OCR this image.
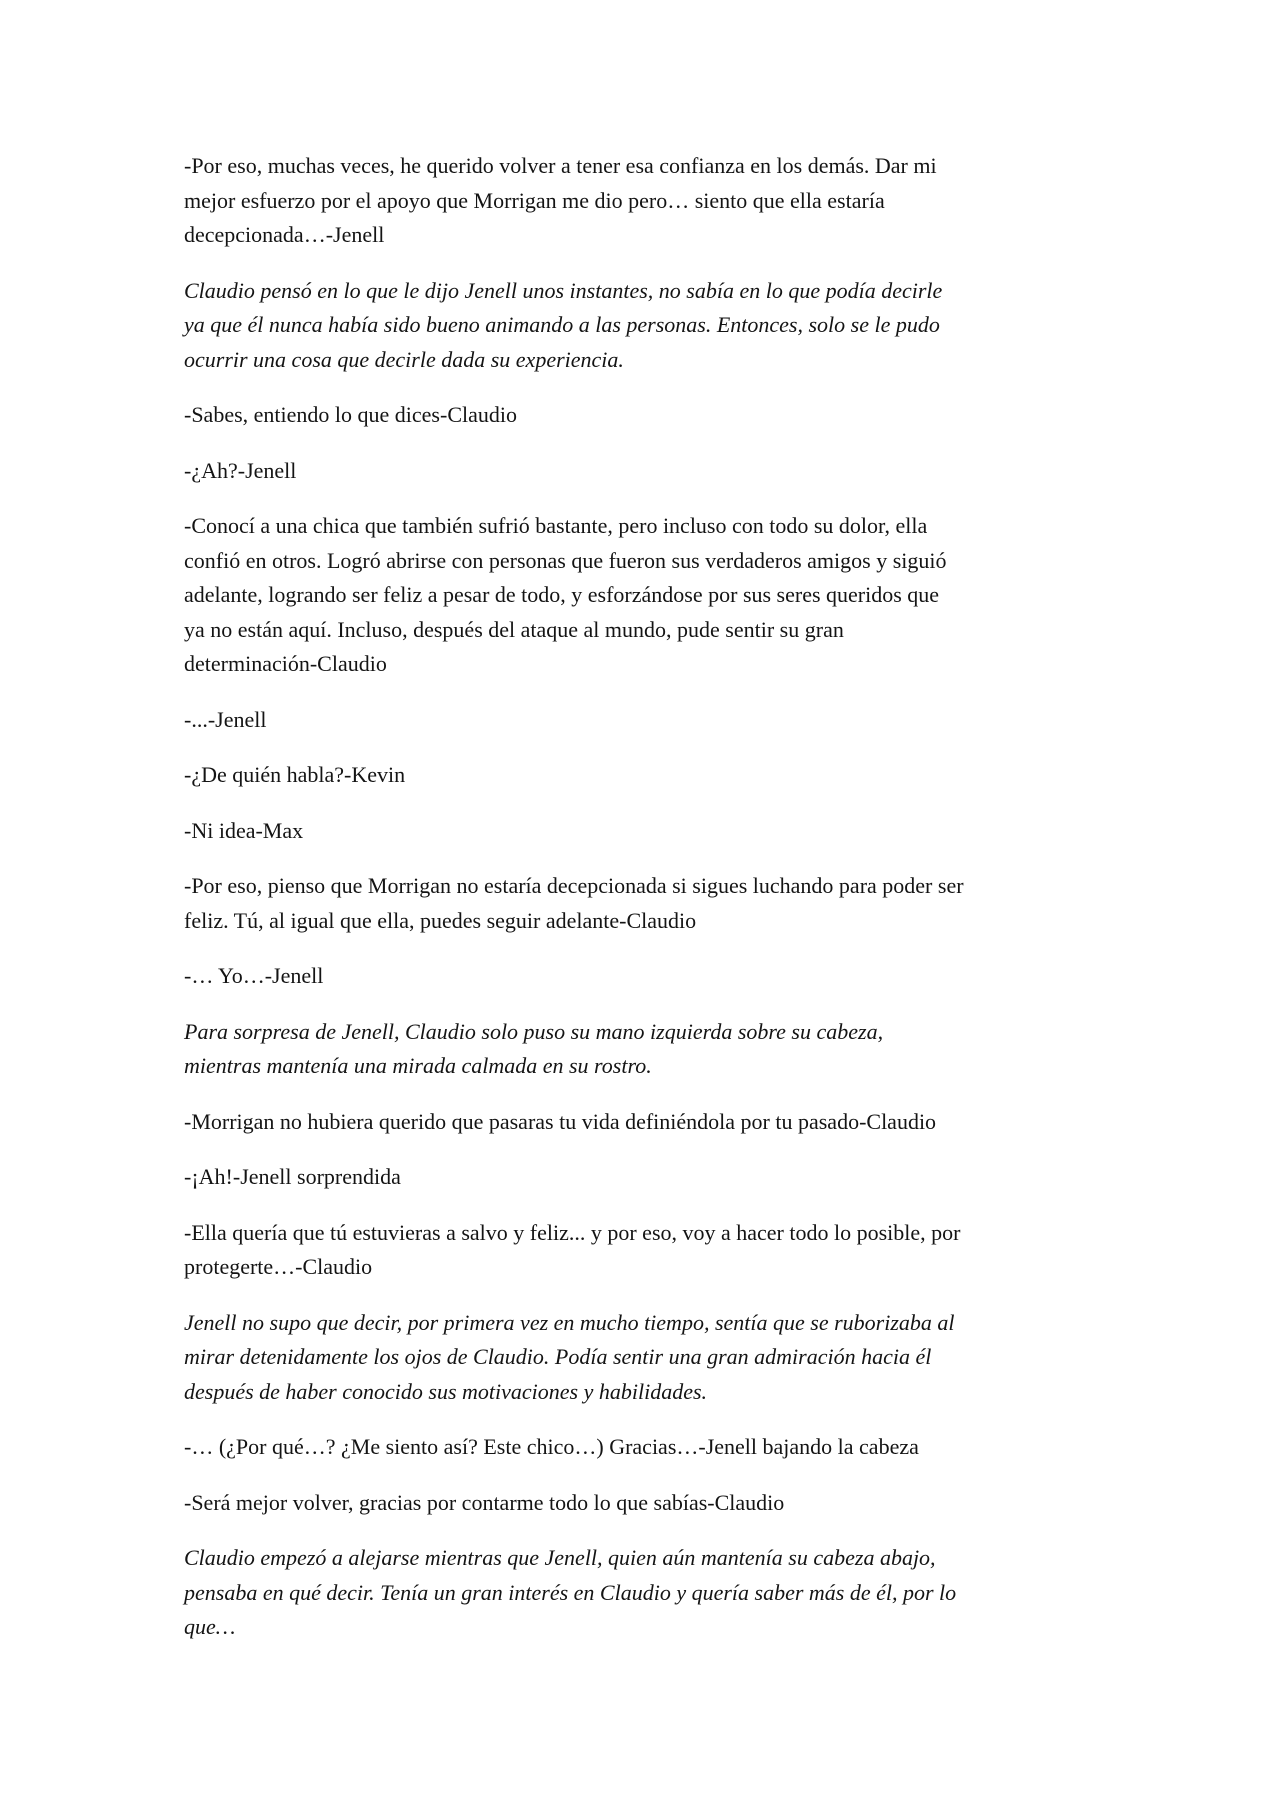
-Por eso, muchas veces, he querido volver a tener esa confianza en los demás. Dar mi
mejor esfuerzo por el apoyo que Morrigan me dio pero… siento que ella estaría
decepcionada…-Jenell

Claudio pensó en lo que le dijo Jenell unos instantes, no sabía en lo que podía decirle
ya que él nunca había sido bueno animando a las personas. Entonces, solo se le pudo
ocurrir una cosa que decirle dada su experiencia.

-Sabes, entiendo lo que dices-Claudio

-¿Ah?-Jenell

-Conocí a una chica que también sufrió bastante, pero incluso con todo su dolor, ella
confió en otros. Logró abrirse con personas que fueron sus verdaderos amigos y siguió
adelante, logrando ser feliz a pesar de todo, y esforzándose por sus seres queridos que
ya no están aquí. Incluso, después del ataque al mundo, pude sentir su gran
determinación-Claudio

-...-Jenell

-¿De quién habla?-Kevin

-Ni idea-Max

-Por eso, pienso que Morrigan no estaría decepcionada si sigues luchando para poder ser
feliz. Tú, al igual que ella, puedes seguir adelante-Claudio

-… Yo…-Jenell

Para sorpresa de Jenell, Claudio solo puso su mano izquierda sobre su cabeza,
mientras mantenía una mirada calmada en su rostro.

-Morrigan no hubiera querido que pasaras tu vida definiéndola por tu pasado-Claudio

-¡Ah!-Jenell sorprendida

-Ella quería que tú estuvieras a salvo y feliz... y por eso, voy a hacer todo lo posible, por
protegerte…-Claudio

Jenell no supo que decir, por primera vez en mucho tiempo, sentía que se ruborizaba al
mirar detenidamente los ojos de Claudio. Podía sentir una gran admiración hacia él
después de haber conocido sus motivaciones y habilidades.

-… (¿Por qué…? ¿Me siento así? Este chico…) Gracias…-Jenell bajando la cabeza

-Será mejor volver, gracias por contarme todo lo que sabías-Claudio

Claudio empezó a alejarse mientras que Jenell, quien aún mantenía su cabeza abajo,
pensaba en qué decir. Tenía un gran interés en Claudio y quería saber más de él, por lo
que…
